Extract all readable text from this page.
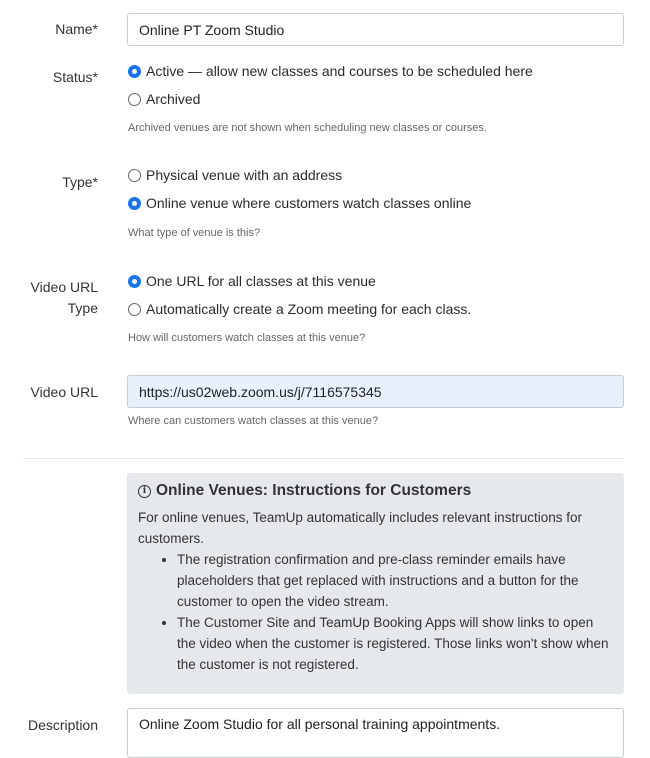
Name*
Online PT Zoom Studio
Status*	Active — allow new classes and courses to be scheduled here
Archived
Archived venues are not shown when scheduling new classes or courses.
Type*	Physical venue with an address
Online venue where customers watch classes online
What type of venue is this?
Video URL
Type
One URL for all classes at this venue
Automatically create a Zoom meeting for each class.
How will customers watch classes at this venue?
Video URL
https://us02web.zoom.us/j/7116575345
Where can customers watch classes at this venue?
i Online Venues: Instructions for Customers
For online venues, TeamUp automatically includes relevant instructions for customers.
• The registration confirmation and pre-class reminder emails have placeholders that get replaced with instructions and a button for the customer to open the video stream.
• The Customer Site and TeamUp Booking Apps will show links to open the video when the customer is registered. Those links won't show when the customer is not registered.
Description
Online Zoom Studio for all personal training appointments.
